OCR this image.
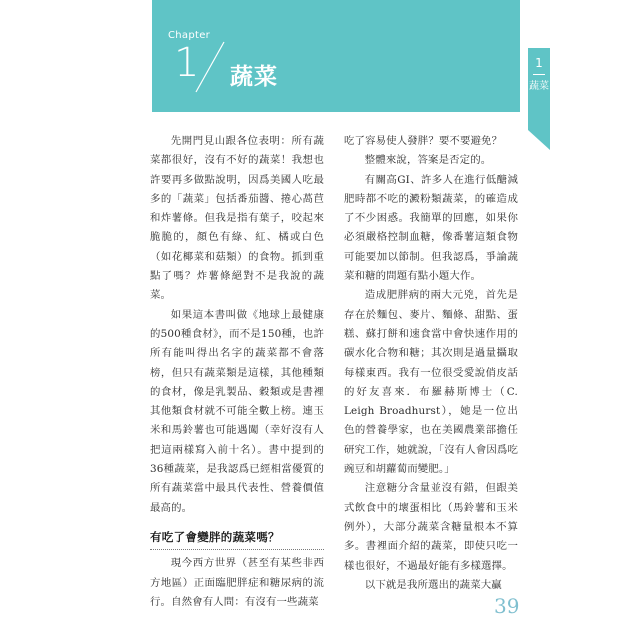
Chapter
1 蔬菜
1
蔬菜

先開門見山跟各位表明：所有蔬菜都很好，沒有不好的蔬菜！我想也許要再多做點說明，因爲美國人吃最多的「蔬菜」包括番茄醬、捲心萵苣和炸薯條。但我是指有葉子，咬起來脆脆的，顏色有綠、紅、橘或白色（如花椰菜和菇類）的食物。抓到重點了嗎？炸薯條絕對不是我說的蔬菜。

如果這本書叫做《地球上最健康的500種食材》，而不是150種，也許所有能叫得出名字的蔬菜都不會落榜，但只有蔬菜類是這樣，其他種類的食材，像是乳製品、穀類或是書裡其他類食材就不可能全數上榜。連玉米和馬鈴薯也可能遇闖（幸好沒有人把這兩樣寫入前十名）。書中提到的36種蔬菜，是我認爲已經相當優質的所有蔬菜當中最具代表性、營養價值最高的。

有吃了會變胖的蔬菜嗎？

現今西方世界（甚至有某些非西方地區）正面臨肥胖症和糖尿病的流行。自然會有人問：有沒有一些蔬菜

吃了容易使人發胖？要不要避免？

整體來說，答案是否定的。

有關高GI、許多人在進行低醣減肥時都不吃的澱粉類蔬菜，的確造成了不少困惑。我簡單的回應，如果你必須嚴格控制血糖，像番薯這類食物可能要加以節制。但我認爲，爭論蔬菜和糖的問題有點小題大作。

造成肥胖病的兩大元兇，首先是存在於麵包、麥片、麵條、甜點、蛋糕、蘇打餅和速食當中會快速作用的碳水化合物和糖；其次則是過量攝取每樣東西。我有一位很受愛說俏皮話的好友喜來．布羅赫斯博士（C. Leigh Broadhurst），她是一位出色的營養學家，也在美國農業部擔任研究工作，她就說，「沒有人會因爲吃豌豆和胡蘿蔔而變肥。」

注意糖分含量並沒有錯，但跟美式飲食中的壞蛋相比（馬鈴薯和玉米例外），大部分蔬菜含糖量根本不算多。書裡面介紹的蔬菜，即使只吃一樣也很好，不過最好能有多樣選擇。

以下就是我所選出的蔬菜大贏

39
